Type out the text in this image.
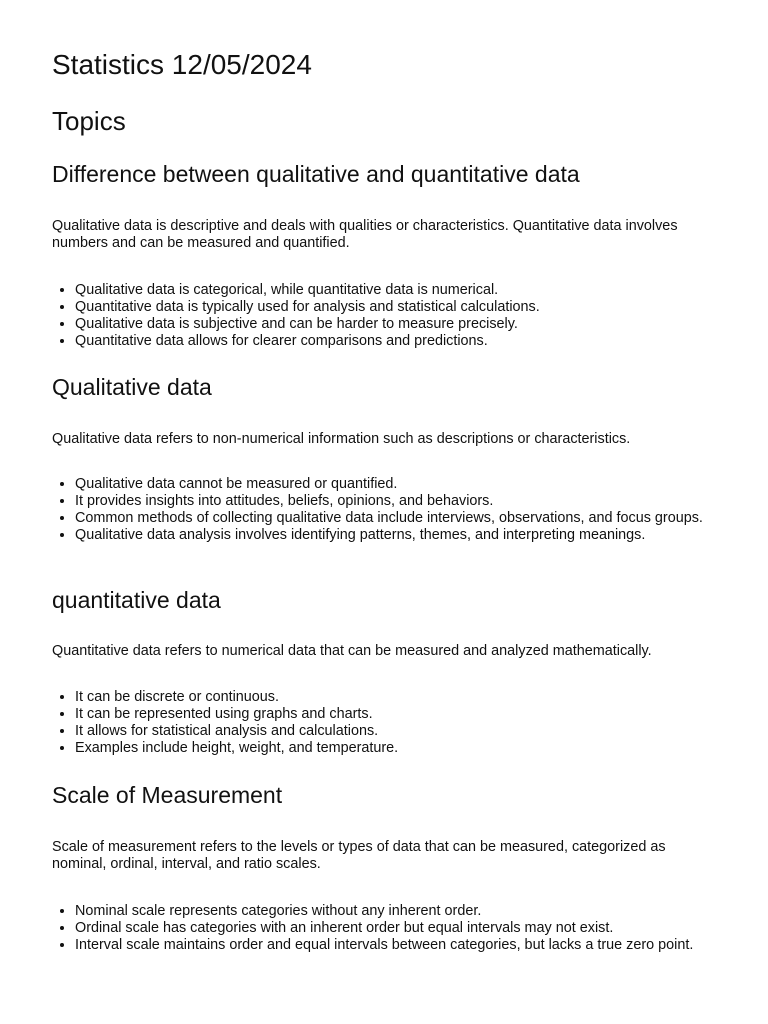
Statistics 12/05/2024
Topics
Difference between qualitative and quantitative data

Qualitative data is descriptive and deals with qualities or characteristics. Quantitative data involves numbers and can be measured and quantified.

• Qualitative data is categorical, while quantitative data is numerical.
• Quantitative data is typically used for analysis and statistical calculations.
• Qualitative data is subjective and can be harder to measure precisely.
• Quantitative data allows for clearer comparisons and predictions.
Qualitative data

Qualitative data refers to non-numerical information such as descriptions or characteristics.

• Qualitative data cannot be measured or quantified.
• It provides insights into attitudes, beliefs, opinions, and behaviors.
• Common methods of collecting qualitative data include interviews, observations, and focus groups.
• Qualitative data analysis involves identifying patterns, themes, and interpreting meanings.
quantitative data

Quantitative data refers to numerical data that can be measured and analyzed mathematically.

• It can be discrete or continuous.
• It can be represented using graphs and charts.
• It allows for statistical analysis and calculations.
• Examples include height, weight, and temperature.
Scale of Measurement

Scale of measurement refers to the levels or types of data that can be measured, categorized as nominal, ordinal, interval, and ratio scales.

• Nominal scale represents categories without any inherent order.
• Ordinal scale has categories with an inherent order but equal intervals may not exist.
• Interval scale maintains order and equal intervals between categories, but lacks a true zero point.
